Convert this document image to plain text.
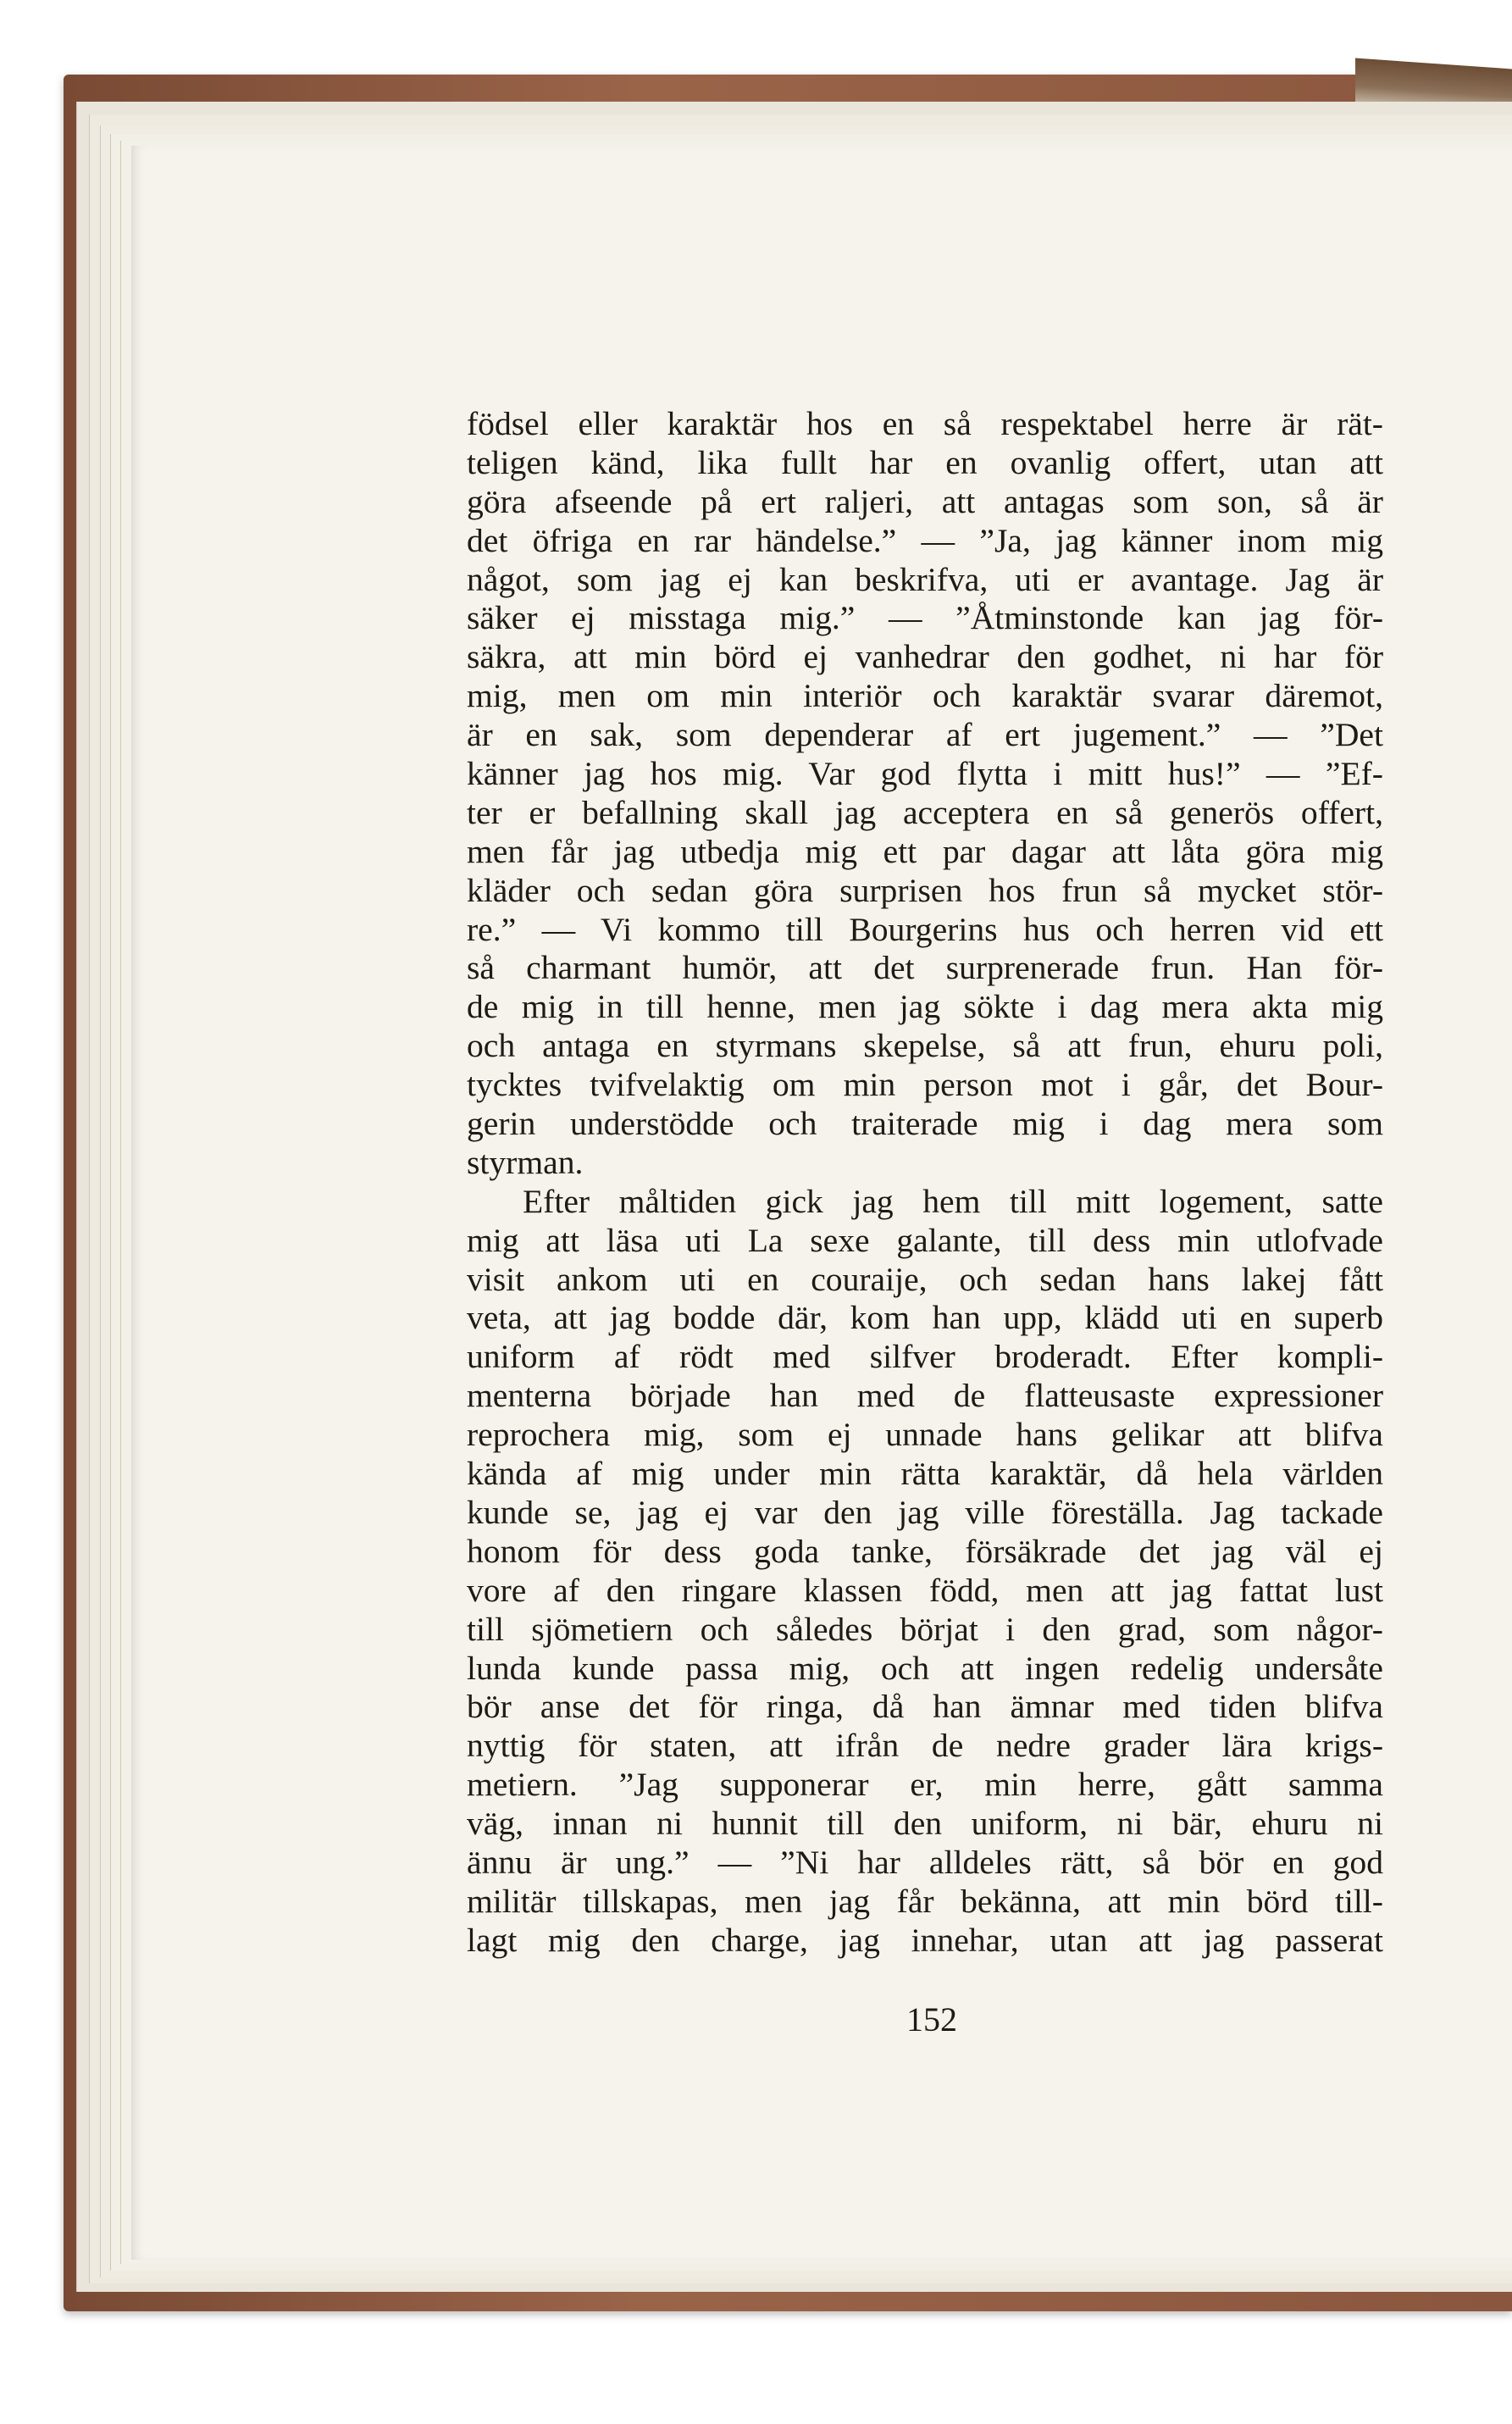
födsel eller karaktär hos en så respektabel herre är rät-
teligen känd, lika fullt har en ovanlig offert, utan att
göra afseende på ert raljeri, att antagas som son, så är
det öfriga en rar händelse.” — ”Ja, jag känner inom mig
något, som jag ej kan beskrifva, uti er avantage. Jag är
säker ej misstaga mig.” — ”Åtminstonde kan jag för-
säkra, att min börd ej vanhedrar den godhet, ni har för
mig, men om min interiör och karaktär svarar däremot,
är en sak, som dependerar af ert jugement.” — ”Det
känner jag hos mig. Var god flytta i mitt hus!” — ”Ef-
ter er befallning skall jag acceptera en så generös offert,
men får jag utbedja mig ett par dagar att låta göra mig
kläder och sedan göra surprisen hos frun så mycket stör-
re.” — Vi kommo till Bourgerins hus och herren vid ett
så charmant humör, att det surprenerade frun. Han för-
de mig in till henne, men jag sökte i dag mera akta mig
och antaga en styrmans skepelse, så att frun, ehuru poli,
tycktes tvifvelaktig om min person mot i går, det Bour-
gerin understödde och traiterade mig i dag mera som
styrman.
Efter måltiden gick jag hem till mitt logement, satte
mig att läsa uti La sexe galante, till dess min utlofvade
visit ankom uti en couraije, och sedan hans lakej fått
veta, att jag bodde där, kom han upp, klädd uti en superb
uniform af rödt med silfver broderadt. Efter kompli-
menterna började han med de flatteusaste expressioner
reprochera mig, som ej unnade hans gelikar att blifva
kända af mig under min rätta karaktär, då hela världen
kunde se, jag ej var den jag ville föreställa. Jag tackade
honom för dess goda tanke, försäkrade det jag väl ej
vore af den ringare klassen född, men att jag fattat lust
till sjömetiern och således börjat i den grad, som någor-
lunda kunde passa mig, och att ingen redelig undersåte
bör anse det för ringa, då han ämnar med tiden blifva
nyttig för staten, att ifrån de nedre grader lära krigs-
metiern. ”Jag supponerar er, min herre, gått samma
väg, innan ni hunnit till den uniform, ni bär, ehuru ni
ännu är ung.” — ”Ni har alldeles rätt, så bör en god
militär tillskapas, men jag får bekänna, att min börd till-
lagt mig den charge, jag innehar, utan att jag passerat
152
